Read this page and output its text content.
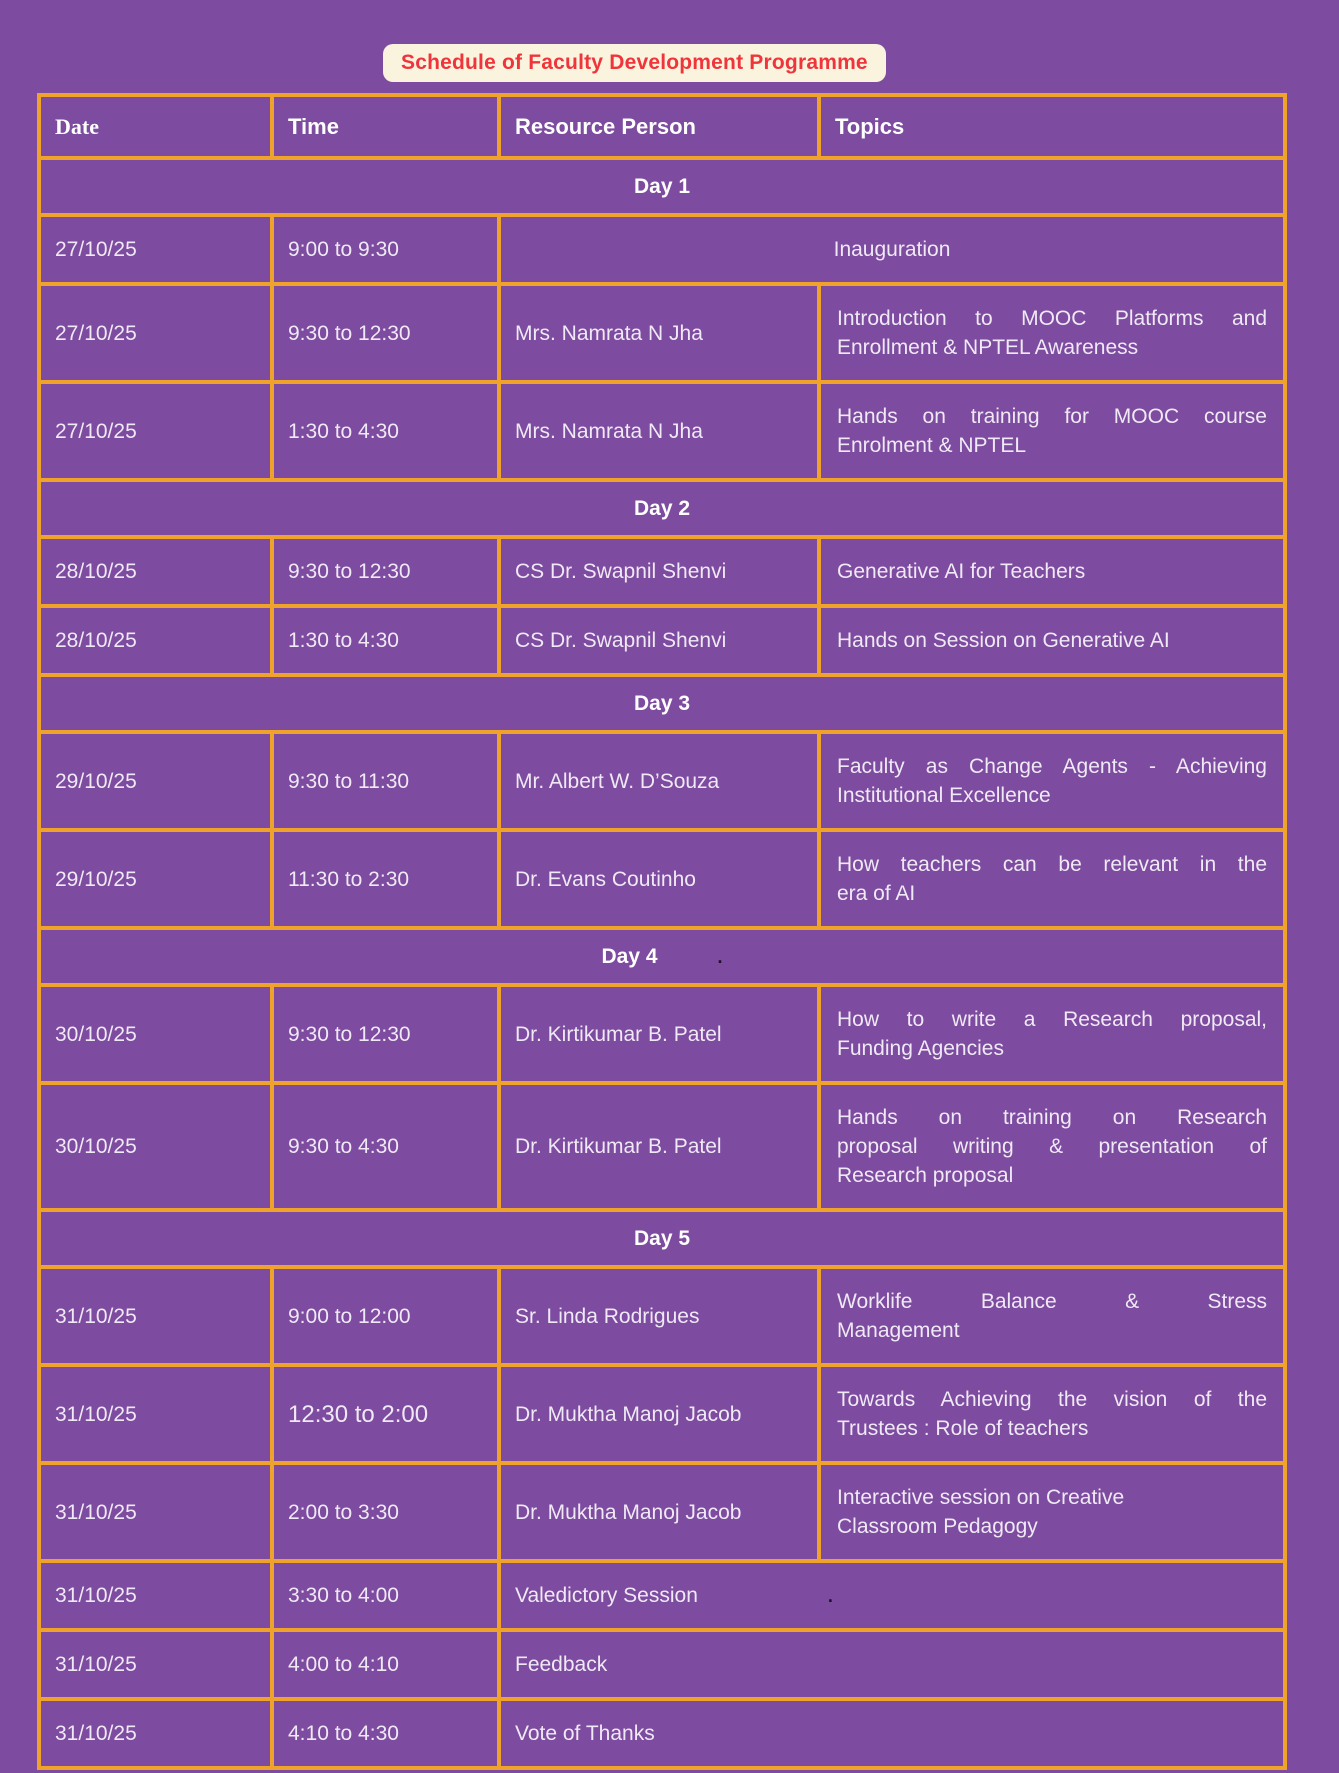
Schedule of Faculty Development Programme
Date	Time	Resource Person	Topics
Day 1			
27/10/25	9:00 to 9:30	Inauguration	
27/10/25	9:30 to 12:30	Mrs. Namrata N Jha	Introduction to MOOC Platforms and
Enrollment & NPTEL Awareness

27/10/25	1:30 to 4:30	Mrs. Namrata N Jha	Hands on training for MOOC course
Enrolment & NPTEL

Day 2			
28/10/25	9:30 to 12:30	CS Dr. Swapnil Shenvi	Generative AI for Teachers

28/10/25	1:30 to 4:30	CS Dr. Swapnil Shenvi	Hands on Session on Generative AI

Day 3			
29/10/25	9:30 to 11:30	Mr. Albert W. D’Souza	Faculty as Change Agents - Achieving
Institutional Excellence

29/10/25	11:30 to 2:30	Dr. Evans Coutinho	How teachers can be relevant in the
era of AI

Day 4 .			
30/10/25	9:30 to 12:30	Dr. Kirtikumar B. Patel	How to write a Research proposal,
Funding Agencies

30/10/25	9:30 to 4:30	Dr. Kirtikumar B. Patel	Hands on training on Research
proposal writing & presentation of
Research proposal

Day 5			
31/10/25	9:00 to 12:00	Sr. Linda Rodrigues	Worklife Balance & Stress
Management

31/10/25	12:30 to 2:00	Dr. Muktha Manoj Jacob	Towards Achieving the vision of the
Trustees : Role of teachers

31/10/25	2:00 to 3:30	Dr. Muktha Manoj Jacob	Interactive session on Creative
Classroom Pedagogy

31/10/25	3:30 to 4:00	Valedictory Session .	
31/10/25	4:00 to 4:10	Feedback	
31/10/25	4:10 to 4:30	Vote of Thanks	
